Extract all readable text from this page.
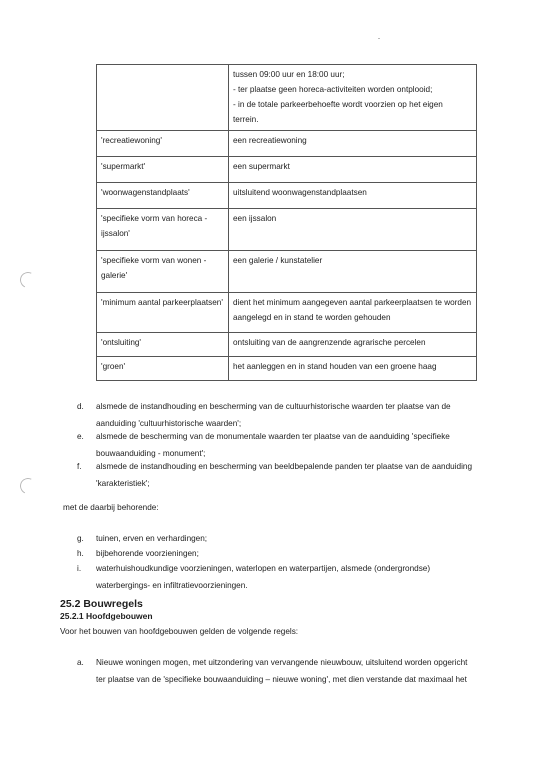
	tussen 09:00 uur en 18:00 uur;
- ter plaatse geen horeca-activiteiten worden ontplooid;
- in de totale parkeerbehoefte wordt voorzien op het eigen
terrein.

'recreatiewoning'	een recreatiewoning

'supermarkt'	een supermarkt

'woonwagenstandplaats'	uitsluitend woonwagenstandplaatsen

'specifieke vorm van horeca -
ijssalon'	een ijssalon

'specifieke vorm van wonen -
galerie'	een galerie / kunstatelier

'minimum aantal parkeerplaatsen'	dient het minimum aangegeven aantal parkeerplaatsen te worden
aangelegd en in stand te worden gehouden

'ontsluiting'	ontsluiting van de aangrenzende agrarische percelen

'groen'	het aanleggen en in stand houden van een groene haag
d. alsmede de instandhouding en bescherming van de cultuurhistorische waarden ter plaatse van de
aanduiding 'cultuurhistorische waarden';
e. alsmede de bescherming van de monumentale waarden ter plaatse van de aanduiding 'specifieke
bouwaanduiding - monument';
f. alsmede de instandhouding en bescherming van beeldbepalende panden ter plaatse van de aanduiding
'karakteristiek';
met de daarbij behorende:
g. tuinen, erven en verhardingen;
h. bijbehorende voorzieningen;
i. waterhuishoudkundige voorzieningen, waterlopen en waterpartijen, alsmede (ondergrondse)
waterbergings- en infiltratievoorzieningen.
25.2 Bouwregels
25.2.1 Hoofdgebouwen
Voor het bouwen van hoofdgebouwen gelden de volgende regels:
a. Nieuwe woningen mogen, met uitzondering van vervangende nieuwbouw, uitsluitend worden opgericht
ter plaatse van de 'specifieke bouwaanduiding – nieuwe woning', met dien verstande dat maximaal het
